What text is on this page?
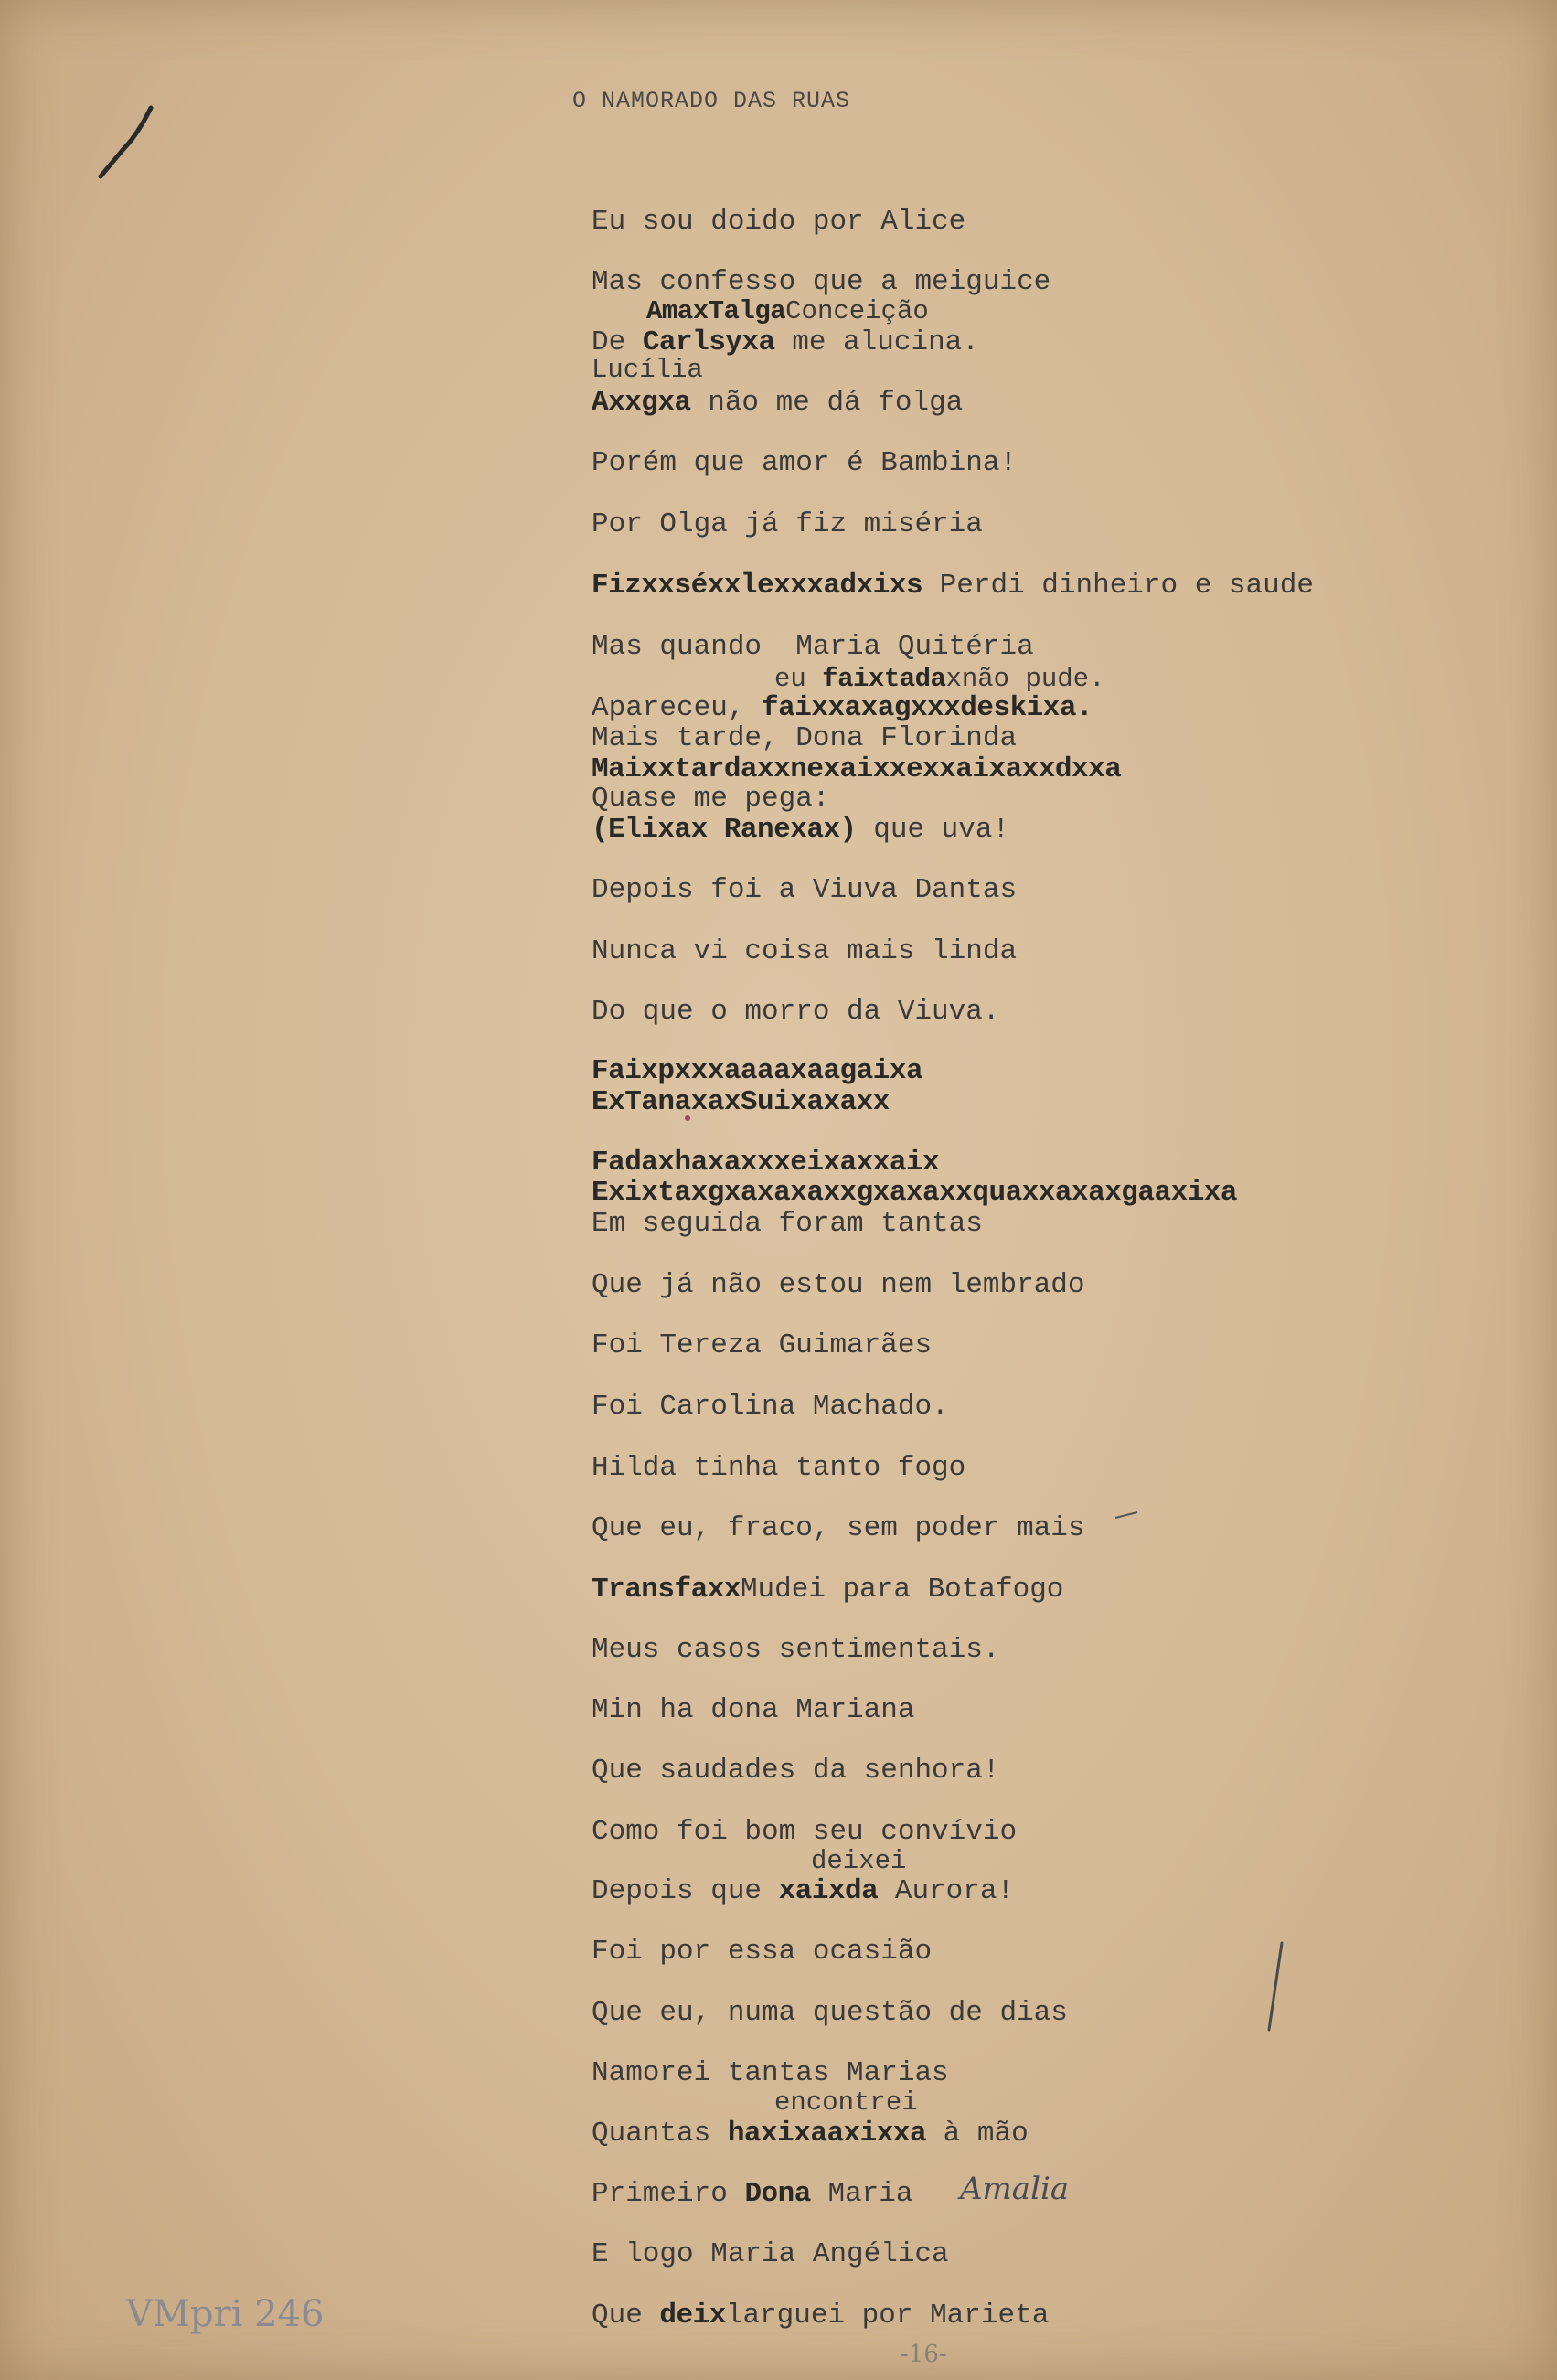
O NAMORADO DAS RUAS
Eu sou doido por Alice
Mas confesso que a meiguice
AmaxTalgaConceição
De Carlsyxa me alucina.
Lucília
Axxgxa não me dá folga
Porém que amor é Bambina!
Por Olga já fiz miséria
Fizxxséxxlexxxadxixs Perdi dinheiro e saude
Mas quando  Maria Quitéria
eu faixtadaxnão pude.
Apareceu, faixxaxagxxxdeskixa.
Mais tarde, Dona Florinda
Maixxtardaxxnexaixxexxaixaxxdxxa
Quase me pega:
(Elixax Ranexax) que uva!
Depois foi a Viuva Dantas
Nunca vi coisa mais linda
Do que o morro da Viuva.
Faixpxxxaaaaxaagaixa
ExTanaxaxSuixaxaxx
Fadaxhaxaxxxeixaxxaix
Exixtaxgxaxaxaxxgxaxaxxquaxxaxaxgaaxixa
Em seguida foram tantas
Que já não estou nem lembrado
Foi Tereza Guimarães
Foi Carolina Machado.
Hilda tinha tanto fogo
Que eu, fraco, sem poder mais
TransfaxxMudei para Botafogo
Meus casos sentimentais.
Min ha dona Mariana
Que saudades da senhora!
Como foi bom seu convívio
deixei
Depois que xaixda Aurora!
Foi por essa ocasião
Que eu, numa questão de dias
Namorei tantas Marias
encontrei
Quantas haxixaaxixxa à mão
Primeiro Dona Maria Amalia
E logo Maria Angélica
Que deixlarguei por Marieta
VMpri 246
-16-
